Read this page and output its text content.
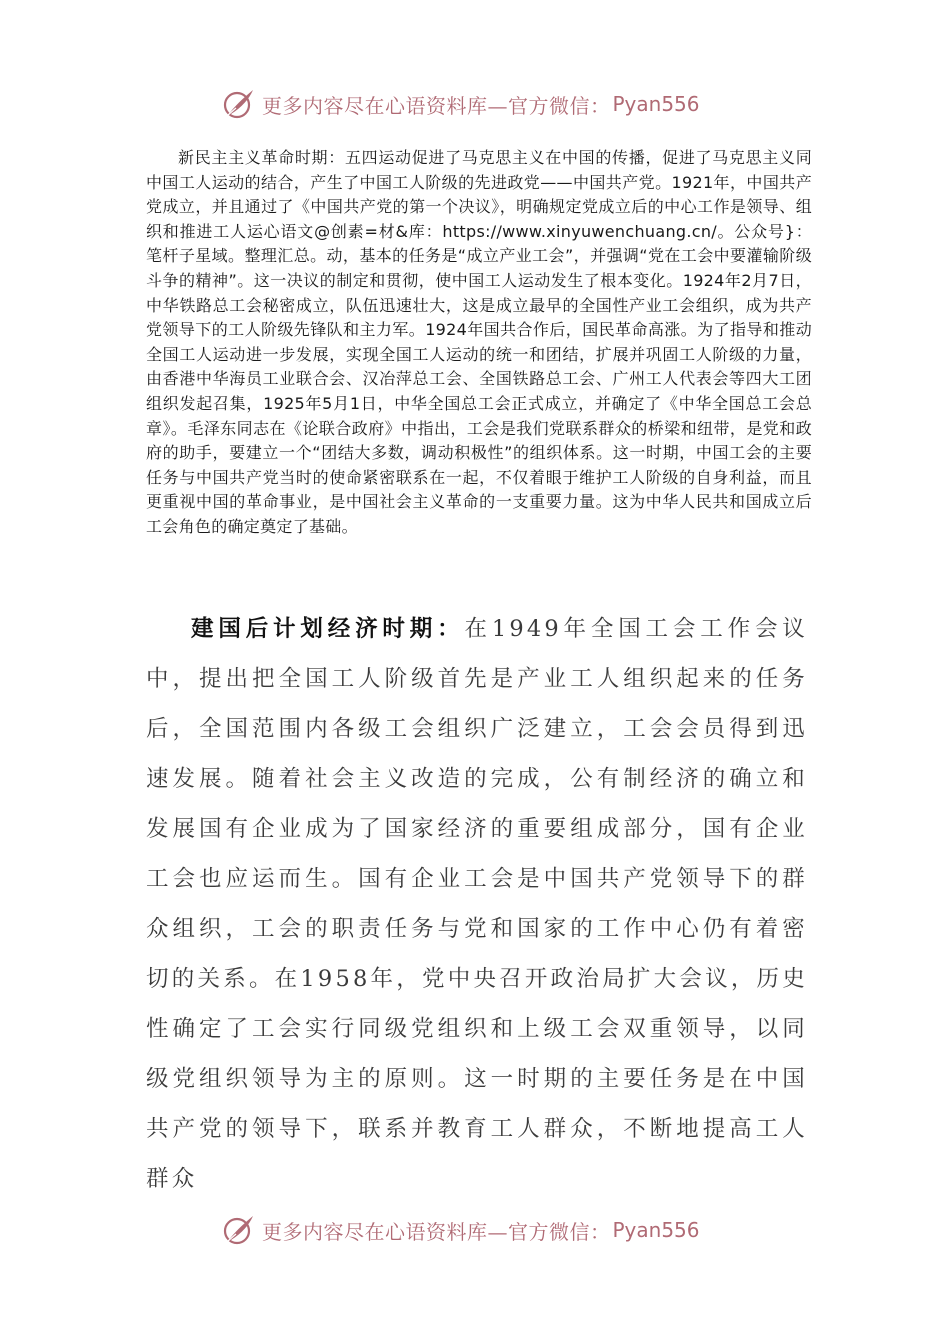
更多内容尽在心语资料库—官方微信： Pyan556
新民主主义革命时期：五四运动促进了马克思主义在中国的传播，促进了马克思主义同中国工人运动的结合，产生了中国工人阶级的先进政党——中国共产党。1921年，中国共产党成立，并且通过了《中国共产党的第一个决议》，明确规定党成立后的中心工作是领导、组织和推进工人运心语文@创素=材&库：https://www.xinyuwenchuang.cn/。公众号}：笔杆子星域。整理汇总。动，基本的任务是“成立产业工会”，并强调“党在工会中要灌输阶级斗争的精神”。这一决议的制定和贯彻，使中国工人运动发生了根本变化。1924年2月7日，中华铁路总工会秘密成立，队伍迅速壮大，这是成立最早的全国性产业工会组织，成为共产党领导下的工人阶级先锋队和主力军。1924年国共合作后，国民革命高涨。为了指导和推动全国工人运动进一步发展，实现全国工人运动的统一和团结，扩展并巩固工人阶级的力量，由香港中华海员工业联合会、汉冶萍总工会、全国铁路总工会、广州工人代表会等四大工团组织发起召集，1925年5月1日，中华全国总工会正式成立，并确定了《中华全国总工会总章》。毛泽东同志在《论联合政府》中指出，工会是我们党联系群众的桥梁和纽带，是党和政府的助手，要建立一个“团结大多数，调动积极性”的组织体系。这一时期，中国工会的主要任务与中国共产党当时的使命紧密联系在一起，不仅着眼于维护工人阶级的自身利益，而且更重视中国的革命事业，是中国社会主义革命的一支重要力量。这为中华人民共和国成立后工会角色的确定奠定了基础。
建国后计划经济时期：在1949年全国工会工作会议中，提出把全国工人阶级首先是产业工人组织起来的任务后，全国范围内各级工会组织广泛建立，工会会员得到迅速发展。随着社会主义改造的完成，公有制经济的确立和发展国有企业成为了国家经济的重要组成部分，国有企业工会也应运而生。国有企业工会是中国共产党领导下的群众组织，工会的职责任务与党和国家的工作中心仍有着密切的关系。在1958年，党中央召开政治局扩大会议，历史性确定了工会实行同级党组织和上级工会双重领导，以同级党组织领导为主的原则。这一时期的主要任务是在中国共产党的领导下，联系并教育工人群众，不断地提高工人群众
更多内容尽在心语资料库—官方微信： Pyan556
